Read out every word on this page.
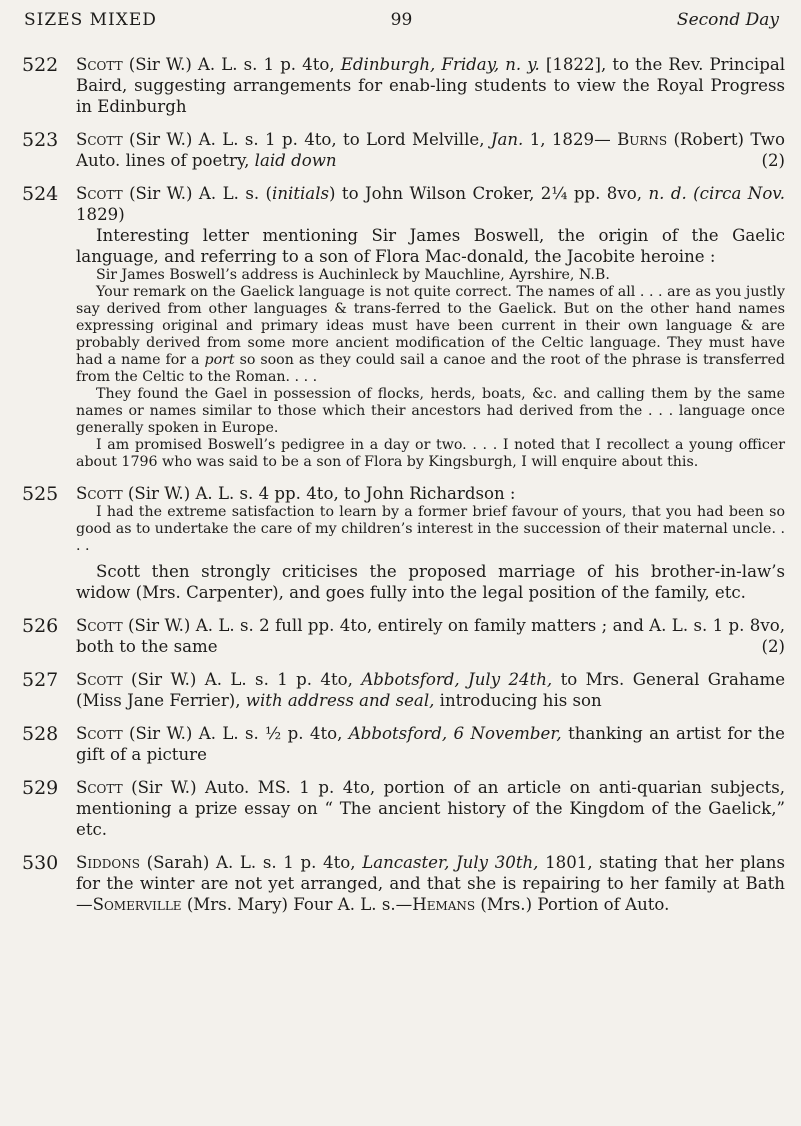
SIZES MIXED	99	Second Day
522	Scott (Sir W.) A. L. s. 1 p. 4to, Edinburgh, Friday, n. y. [1822], to the Rev. Principal Baird, suggesting arrangements for enab-ling students to view the Royal Progress in Edinburgh
523	Scott (Sir W.) A. L. s. 1 p. 4to, to Lord Melville, Jan. 1, 1829— Burns (Robert) Two Auto. lines of poetry, laid down	(2)
524	Scott (Sir W.) A. L. s. (initials) to John Wilson Croker, 2¼ pp. 8vo, n. d. (circa Nov. 1829)
Interesting letter mentioning Sir James Boswell, the origin of the Gaelic language, and referring to a son of Flora Mac-donald, the Jacobite heroine :
Sir James Boswell’s address is Auchinleck by Mauchline, Ayrshire, N.B.
Your remark on the Gaelick language is not quite correct. The names of all . . . are as you justly say derived from other languages & trans-ferred to the Gaelick. But on the other hand names expressing original and primary ideas must have been current in their own language & are probably derived from some more ancient modification of the Celtic language. They must have had a name for a port so soon as they could sail a canoe and the root of the phrase is transferred from the Celtic to the Roman. . . .
They found the Gael in possession of flocks, herds, boats, &c. and calling them by the same names or names similar to those which their ancestors had derived from the . . . language once generally spoken in Europe.
I am promised Boswell’s pedigree in a day or two. . . . I noted that I recollect a young officer about 1796 who was said to be a son of Flora by Kingsburgh, I will enquire about this.
525	Scott (Sir W.) A. L. s. 4 pp. 4to, to John Richardson :
I had the extreme satisfaction to learn by a former brief favour of yours, that you had been so good as to undertake the care of my children’s interest in the succession of their maternal uncle. . . .
Scott then strongly criticises the proposed marriage of his brother-in-law’s widow (Mrs. Carpenter), and goes fully into the legal position of the family, etc.
526	Scott (Sir W.) A. L. s. 2 full pp. 4to, entirely on family matters ; and A. L. s. 1 p. 8vo, both to the same	(2)
527	Scott (Sir W.) A. L. s. 1 p. 4to, Abbotsford, July 24th, to Mrs. General Grahame (Miss Jane Ferrier), with address and seal, introducing his son
528	Scott (Sir W.) A. L. s. ½ p. 4to, Abbotsford, 6 November, thanking an artist for the gift of a picture
529	Scott (Sir W.) Auto. MS. 1 p. 4to, portion of an article on anti-quarian subjects, mentioning a prize essay on “ The ancient history of the Kingdom of the Gaelick,” etc.
530	Siddons (Sarah) A. L. s. 1 p. 4to, Lancaster, July 30th, 1801, stating that her plans for the winter are not yet arranged, and that she is repairing to her family at Bath—Somerville (Mrs. Mary) Four A. L. s.—Hemans (Mrs.) Portion of Auto.
